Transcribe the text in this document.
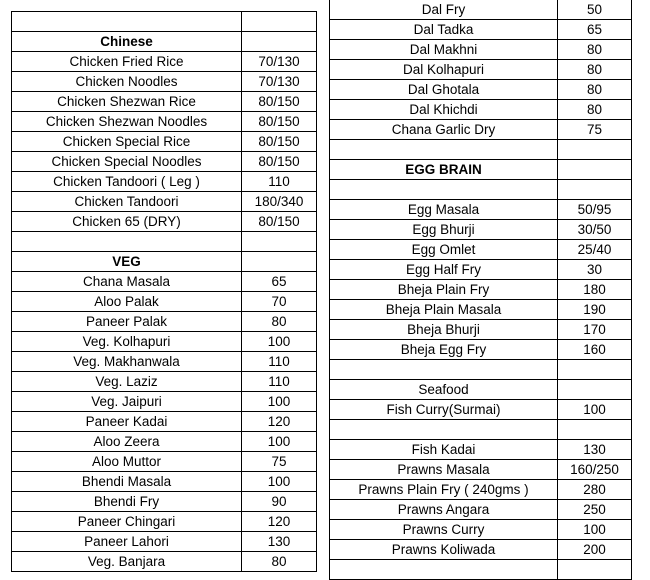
Chinese	
Chicken Fried Rice	70/130
Chicken Noodles	70/130
Chicken Shezwan Rice	80/150
Chicken Shezwan Noodles	80/150
Chicken Special Rice	80/150
Chicken Special Noodles	80/150
Chicken Tandoori ( Leg )	110
Chicken Tandoori	180/340
Chicken 65 (DRY)	80/150

VEG	
Chana Masala	65
Aloo Palak	70
Paneer Palak	80
Veg. Kolhapuri	100
Veg. Makhanwala	110
Veg. Laziz	110
Veg. Jaipuri	100
Paneer Kadai	120
Aloo Zeera	100
Aloo Muttor	75
Bhendi Masala	100
Bhendi Fry	90
Paneer Chingari	120
Paneer Lahori	130
Veg. Banjara	80
Dal Fry	50
Dal Tadka	65
Dal Makhni	80
Dal Kolhapuri	80
Dal Ghotala	80
Dal Khichdi	80
Chana Garlic Dry	75

EGG BRAIN	

Egg Masala	50/95
Egg Bhurji	30/50
Egg Omlet	25/40
Egg Half Fry	30
Bheja Plain Fry	180
Bheja Plain Masala	190
Bheja Bhurji	170
Bheja Egg Fry	160

Seafood	
Fish Curry(Surmai)	100

Fish Kadai	130
Prawns Masala	160/250
Prawns Plain Fry ( 240gms )	280
Prawns Angara	250
Prawns Curry	100
Prawns Koliwada	200
